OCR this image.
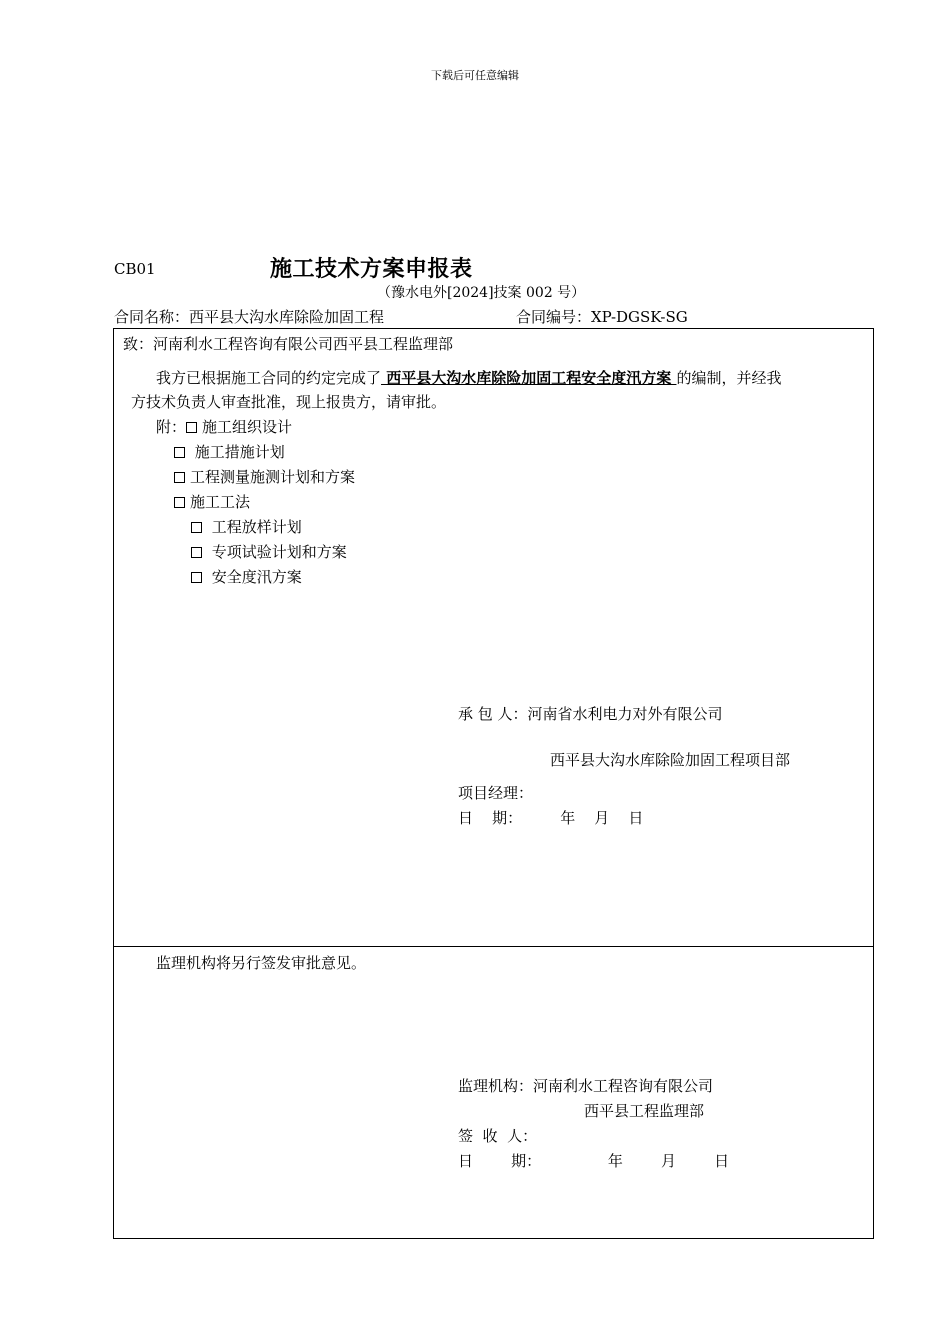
下载后可任意编辑
CB01	施工技术方案申报表
（豫水电外[2024]技案 002 号）
合同名称：西平县大沟水库除险加固工程	合同编号：XP-DGSK-SG
致：河南利水工程咨询有限公司西平县工程监理部
我方已根据施工合同的约定完成了 西平县大沟水库除险加固工程安全度汛方案 的编制，并经我
方技术负责人审查批准，现上报贵方，请审批。
附： 施工组织设计
施工措施计划
工程测量施测计划和方案
施工工法
工程放样计划
专项试验计划和方案
安全度汛方案
承 包 人：河南省水利电力对外有限公司
西平县大沟水库除险加固工程项目部
项目经理：
日    期：        年    月    日
监理机构将另行签发审批意见。
监理机构：河南利水工程咨询有限公司
西平县工程监理部
签  收  人：
日        期：              年        月        日
